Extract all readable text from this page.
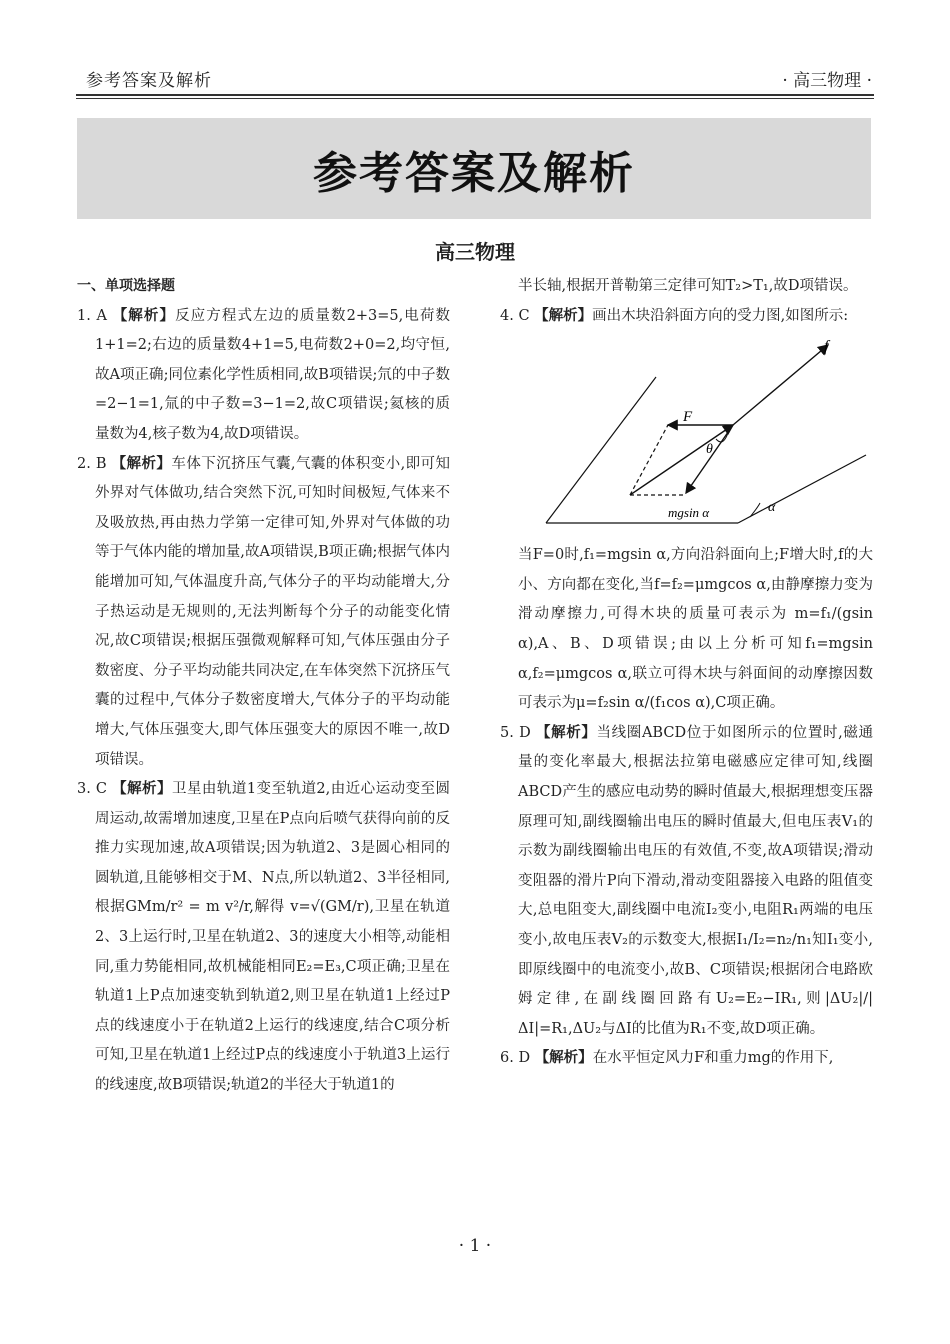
参考答案及解析	· 高三物理 ·
参考答案及解析
高三物理

一、单项选择题

1. A 【解析】反应方程式左边的质量数2+3=5,电荷数1+1=2;右边的质量数4+1=5,电荷数2+0=2,均守恒,故A项正确;同位素化学性质相同,故B项错误;氘的中子数=2−1=1,氚的中子数=3−1=2,故C项错误;氦核的质量数为4,核子数为4,故D项错误。

2. B 【解析】车体下沉挤压气囊,气囊的体积变小,即可知外界对气体做功,结合突然下沉,可知时间极短,气体来不及吸放热,再由热力学第一定律可知,外界对气体做的功等于气体内能的增加量,故A项错误,B项正确;根据气体内能增加可知,气体温度升高,气体分子的平均动能增大,分子热运动是无规则的,无法判断每个分子的动能变化情况,故C项错误;根据压强微观解释可知,气体压强由分子数密度、分子平均动能共同决定,在车体突然下沉挤压气囊的过程中,气体分子数密度增大,气体分子的平均动能增大,气体压强变大,即气体压强变大的原因不唯一,故D项错误。

3. C 【解析】卫星由轨道1变至轨道2,由近心运动变至圆周运动,故需增加速度,卫星在P点向后喷气获得向前的反推力实现加速,故A项错误;因为轨道2、3是圆心相同的圆轨道,且能够相交于M、N点,所以轨道2、3半径相同,根据GMm/r² = m v²/r,解得 v=√(GM/r),卫星在轨道2、3上运行时,卫星在轨道2、3的速度大小相等,动能相同,重力势能相同,故机械能相同E₂=E₃,C项正确;卫星在轨道1上P点加速变轨到轨道2,则卫星在轨道1上经过P点的线速度小于在轨道2上运行的线速度,结合C项分析可知,卫星在轨道1上经过P点的线速度小于轨道3上运行的线速度,故B项错误;轨道2的半径大于轨道1的

半长轴,根据开普勒第三定律可知T₂>T₁,故D项错误。

4. C 【解析】画出木块沿斜面方向的受力图,如图所示:

f
F
θ
α
mgsin α

当F=0时,f₁=mgsin α,方向沿斜面向上;F增大时,f的大小、方向都在变化,当f=f₂=μmgcos α,由静摩擦力变为滑动摩擦力,可得木块的质量可表示为 m=f₁/(gsin α),A、B、D项错误;由以上分析可知f₁=mgsin α,f₂=μmgcos α,联立可得木块与斜面间的动摩擦因数可表示为μ=f₂sin α/(f₁cos α),C项正确。

5. D 【解析】当线圈ABCD位于如图所示的位置时,磁通量的变化率最大,根据法拉第电磁感应定律可知,线圈ABCD产生的感应电动势的瞬时值最大,根据理想变压器原理可知,副线圈输出电压的瞬时值最大,但电压表V₁的示数为副线圈输出电压的有效值,不变,故A项错误;滑动变阻器的滑片P向下滑动,滑动变阻器接入电路的阻值变大,总电阻变大,副线圈中电流I₂变小,电阻R₁两端的电压变小,故电压表V₂的示数变大,根据I₁/I₂=n₂/n₁知I₁变小,即原线圈中的电流变小,故B、C项错误;根据闭合电路欧姆定律,在副线圈回路有U₂=E₂−IR₁,则|ΔU₂|/|ΔI|=R₁,ΔU₂与ΔI的比值为R₁不变,故D项正确。

6. D 【解析】在水平恒定风力F和重力mg的作用下,

· 1 ·
